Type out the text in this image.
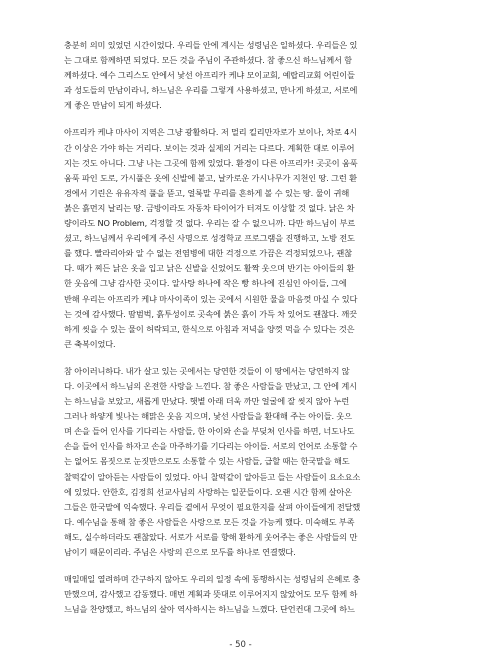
충분히 의미 있었던 시간이었다. 우리들 안에 계시는 성령님은 일하셨다. 우리들은 있
는 그대로 함께하면 되었다. 모든 것을 주님이 주관하셨다. 참 좋으신 하느님께서 함
께하셨다. 예수 그리스도 안에서 낯선 아프리카 케냐 모이교회, 예랍리교회 어린이들
과 성도들의 만남이라니, 하느님은 우리를 그렇게 사용하셨고, 만나게 하셨고, 서로에
게 좋은 만남이 되게 하셨다.

아프리카 케냐 마사이 지역은 그냥 광활하다. 저 멀리 킬리만자로가 보이나, 차로 4시
간 이상은 가야 하는 거리다. 보이는 것과 실제의 거리는 다르다. 계획한 대로 이루어
지는 것도 아니다. 그냥 나는 그곳에 함께 있었다. 환경이 다른 아프리카! 곳곳이 움푹
움푹 파인 도로, 가시풀은 옷에 신발에 붙고, 날카로운 가시나무가 지천인 땅. 그런 환
경에서 기린은 유유자적 풀을 뜯고, 얼룩말 무리를 흔하게 볼 수 있는 땅. 물이 귀해
붉은 흙먼지 날리는 땅. 금방이라도 자동차 타이어가 터져도 이상할 것 없다. 낡은 차
량이라도 NO Problem, 걱정할 것 없다. 우리는 잘 수 없으니까. 다만 하느님이 부르
셨고, 하느님께서 우리에게 주신 사명으로 성경학교 프로그램을 진행하고, 노방 전도
를 했다. 빨라리아와 알 수 없는 전염병에 대한 걱정으로 가끔은 걱정되었으나, 괜찮
다. 때가 찌든 낡은 옷을 입고 낡은 신발을 신었어도 활짝 웃으며 반기는 아이들의 환
한 웃음에 그냥 감사한 곳이다. 알사탕 하나에 작은 빵 하나에 진심인 아이들, 그에
반해 우리는 아프리카 케냐 마사이족이 있는 곳에서 시원한 물을 마음껏 마실 수 있다
는 것에 감사했다. 땀범벅, 흙투성이로 곳속에 붉은 흙이 가득 차 있어도 괜찮다. 깨끗
하게 씻을 수 있는 물이 허락되고, 한식으로 아침과 저녁을 양껏 먹을 수 있다는 것은
큰 축복이었다.

참 아이러니하다. 내가 살고 있는 곳에서는 당연한 것들이 이 땅에서는 당연하지 않
다. 이곳에서 하느님의 온전한 사랑을 느낀다. 참 좋은 사람들을 만났고, 그 안에 계시
는 하느님을 보았고, 새롭게 만났다. 햇볕 아래 더욱 까만 얼굴에 잘 씻지 않아 누런
그러나 하얗게 빛나는 해맑은 웃음 지으며, 낯선 사람들을 환대해 주는 아이들. 웃으
며 손을 들어 인사를 기다리는 사람들, 한 아이와 손을 부딪쳐 인사를 하면, 너도나도
손을 들어 인사를 하자고 손을 마주하기를 기다리는 아이들. 서로의 언어로 소통할 수
는 없어도 몸짓으로 눈짓만으로도 소통할 수 있는 사람들, 급할 때는 한국말을 해도
찰떡같이 알아듣는 사람들이 있었다. 아니 찰떡같이 알아듣고 들는 사람들이 요소요소
에 있었다. 안한호, 김정희 선교사님의 사랑하는 일꾼들이다. 오랜 시간 함께 살아온
그들은 한국말에 익숙했다. 우리들 곁에서 무엇이 필요한지를 살펴 아이들에게 전달했
다. 예수님을 통해 참 좋은 사람들은 사랑으로 모든 것을 가능케 했다. 미숙해도 부족
해도, 실수하더라도 괜찮았다. 서로가 서로를 향해 환하게 웃어주는 좋은 사람들의 만
남이기 때문이리라. 주님은 사랑의 끈으로 모두를 하나로 연결했다.

매일매일 열려하며 간구하지 않아도 우리의 일정 속에 동행하시는 성령님의 은혜로 충
만했으며, 감사했고 감동했다. 매번 계획과 뜻대로 이루어지지 않았어도 모두 함께 하
느님을 찬양했고, 하느님의 살아 역사하시는 하느님을 느꼈다. 단언컨대 그곳에 하느

- 50 -
